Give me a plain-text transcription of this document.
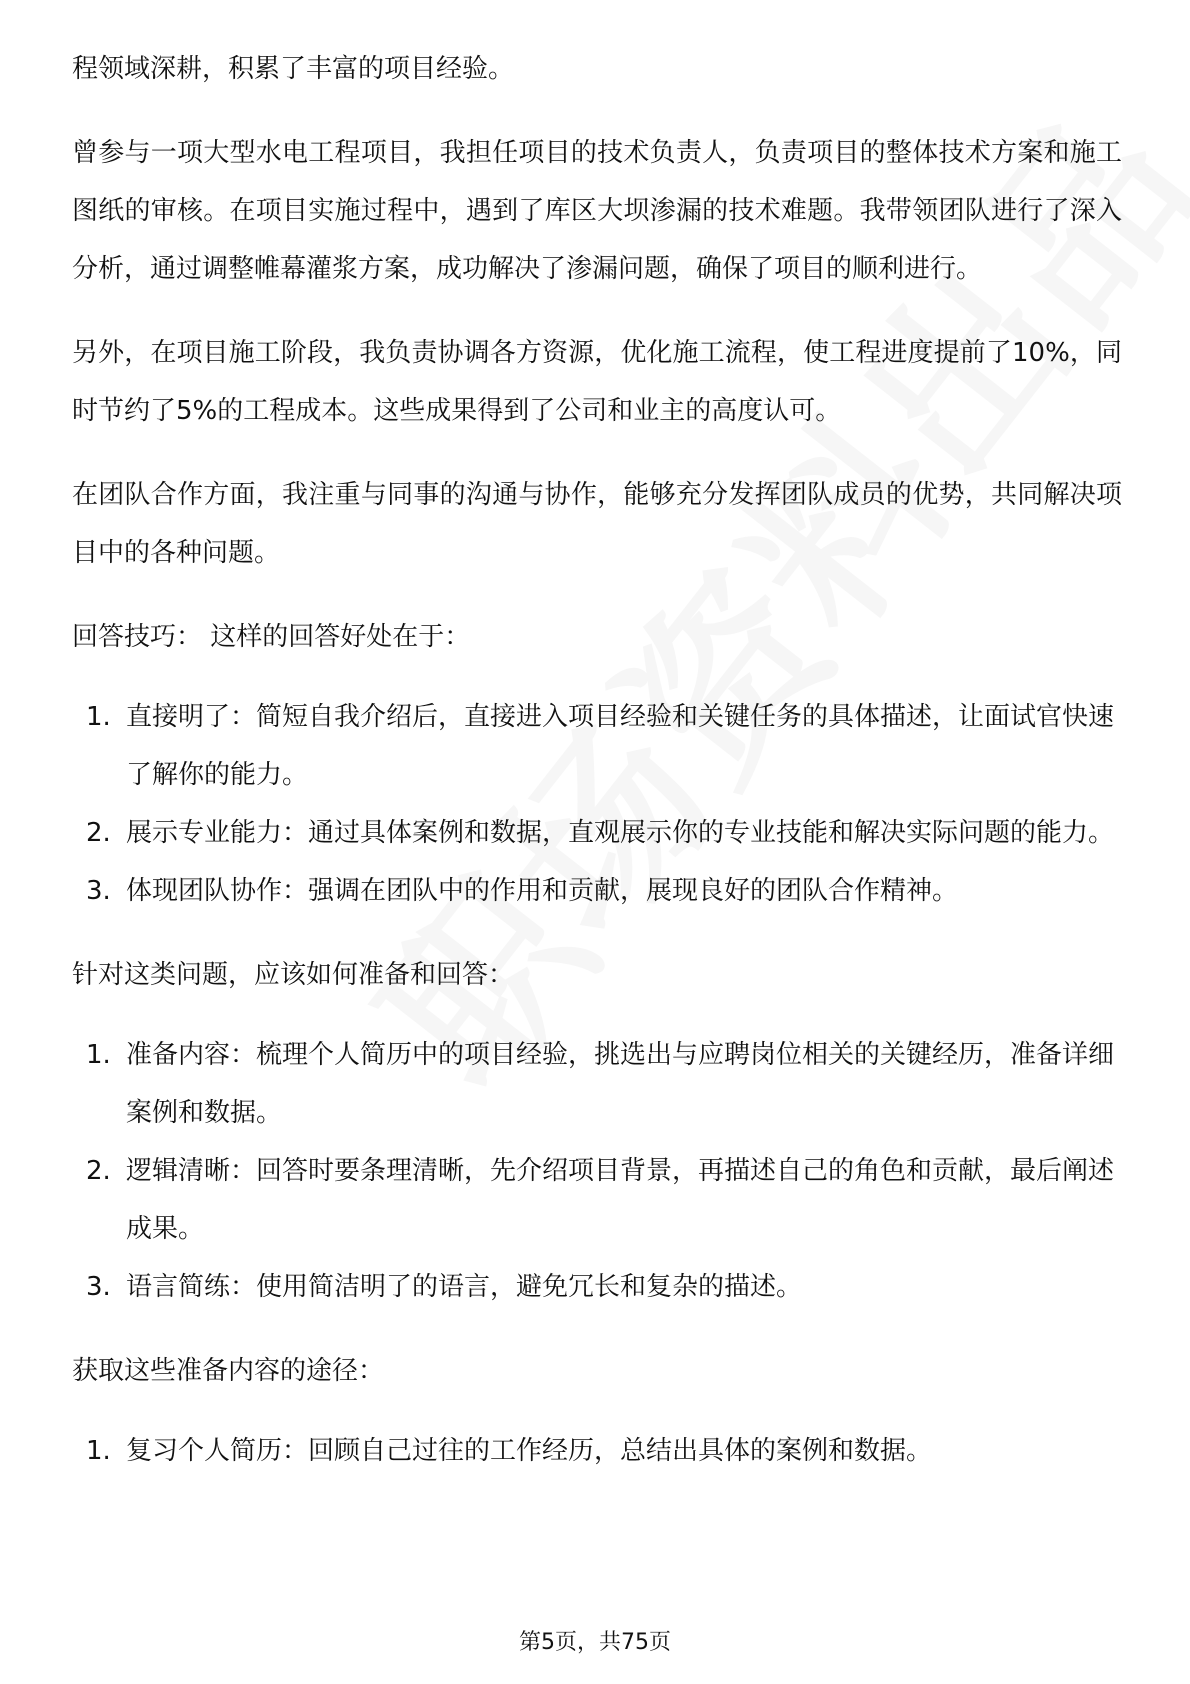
程领域深耕，积累了丰富的项目经验。

曾参与一项大型水电工程项目，我担任项目的技术负责人，负责项目的整体技术方案和施工图纸的审核。在项目实施过程中，遇到了库区大坝渗漏的技术难题。我带领团队进行了深入分析，通过调整帷幕灌浆方案，成功解决了渗漏问题，确保了项目的顺利进行。

另外，在项目施工阶段，我负责协调各方资源，优化施工流程，使工程进度提前了10%，同时节约了5%的工程成本。这些成果得到了公司和业主的高度认可。

在团队合作方面，我注重与同事的沟通与协作，能够充分发挥团队成员的优势，共同解决项目中的各种问题。

回答技巧： 这样的回答好处在于：

1. 直接明了：简短自我介绍后，直接进入项目经验和关键任务的具体描述，让面试官快速了解你的能力。
2. 展示专业能力：通过具体案例和数据，直观展示你的专业技能和解决实际问题的能力。
3. 体现团队协作：强调在团队中的作用和贡献，展现良好的团队合作精神。

针对这类问题，应该如何准备和回答：

1. 准备内容：梳理个人简历中的项目经验，挑选出与应聘岗位相关的关键经历，准备详细案例和数据。
2. 逻辑清晰：回答时要条理清晰，先介绍项目背景，再描述自己的角色和贡献，最后阐述成果。
3. 语言简练：使用简洁明了的语言，避免冗长和复杂的描述。

获取这些准备内容的途径：

1. 复习个人简历：回顾自己过往的工作经历，总结出具体的案例和数据。
第5页，共75页
